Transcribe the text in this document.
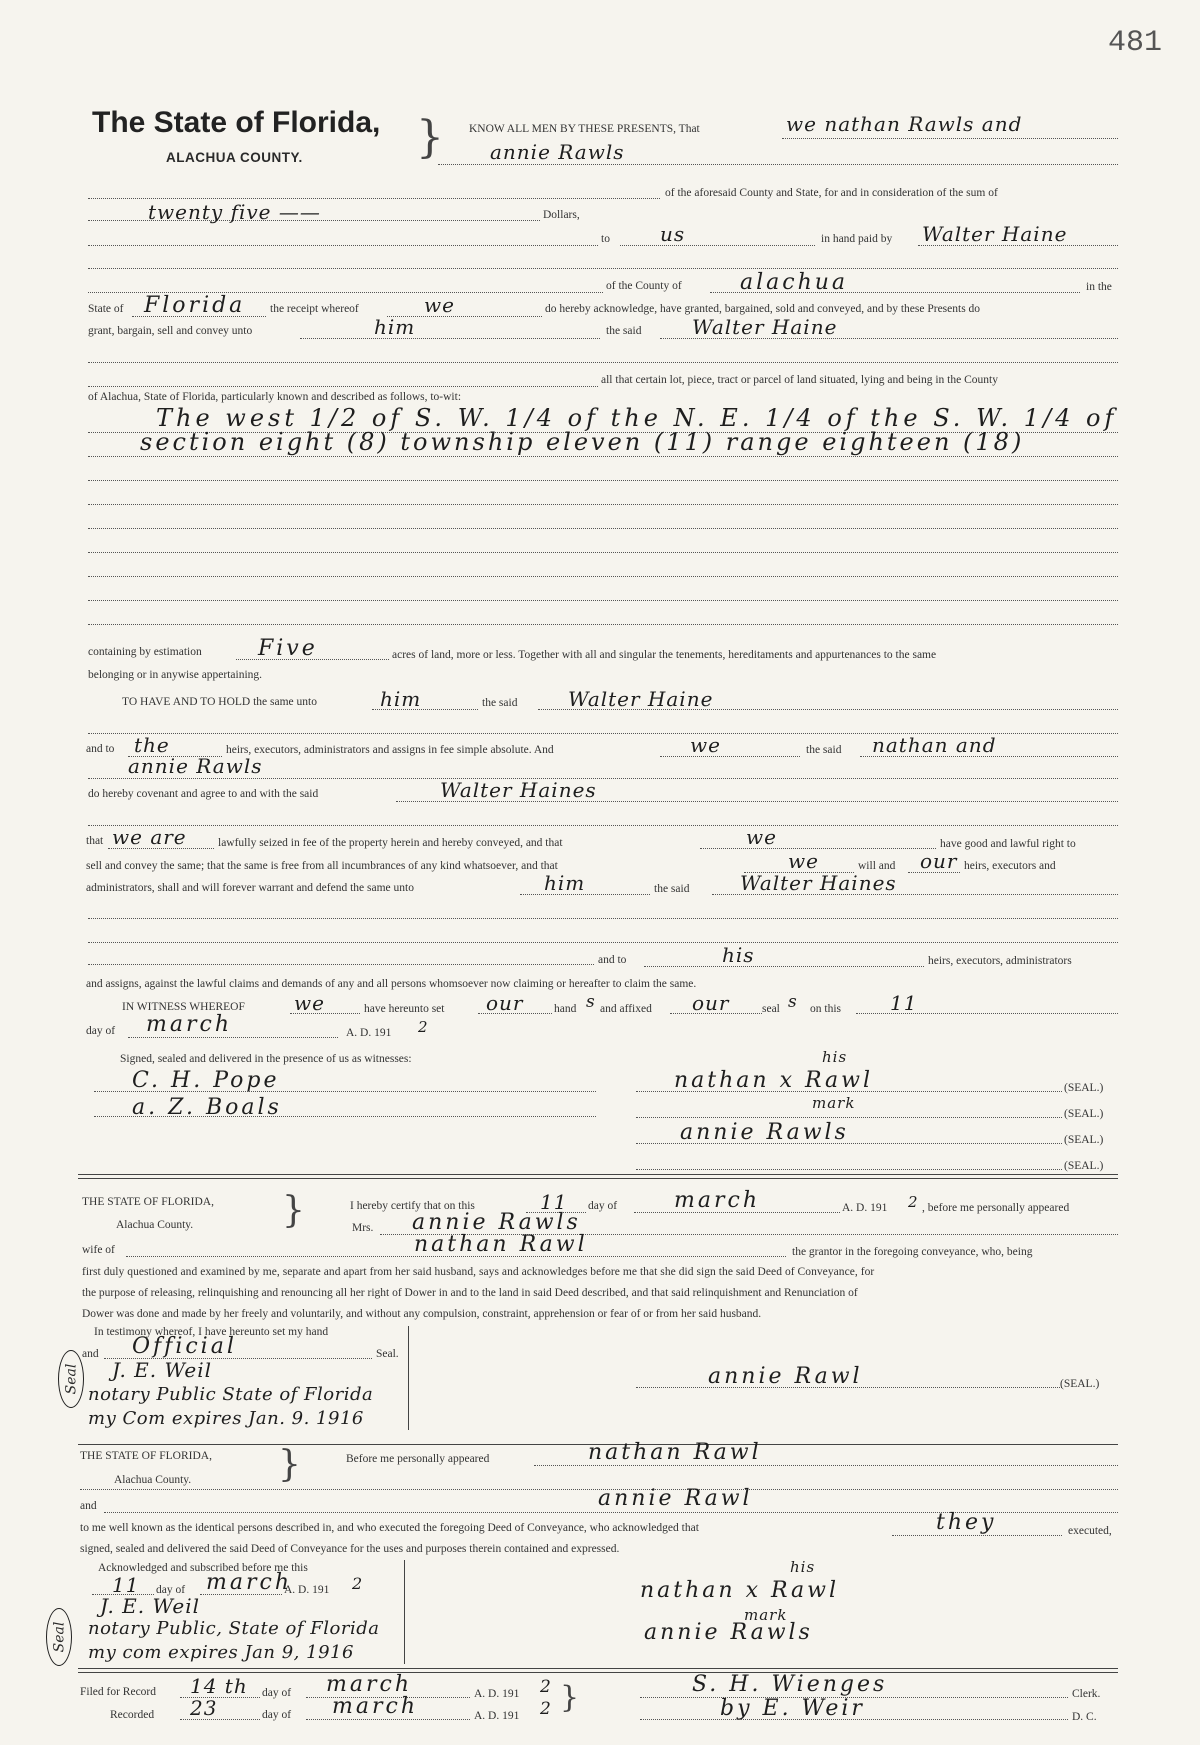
481
The State of Florida,
ALACHUA COUNTY.	} KNOW ALL MEN BY THESE PRESENTS, That	we nathan Rawls and
annie Rawls
of the aforesaid County and State, for and in consideration of the sum of
twenty five ——	Dollars,
to	us	in hand paid by Walter Haine
of the County of	alachua	in the
State of Florida the receipt whereof	we	do hereby acknowledge, have granted, bargained, sold and conveyed, and by these Presents do
grant, bargain, sell and convey unto	him	the said	Walter Haine
all that certain lot, piece, tract or parcel of land situated, lying and being in the County
of Alachua, State of Florida, particularly known and described as follows, to-wit:
The west 1/2 of S. W. 1/4 of the N. E. 1/4 of the S. W. 1/4 of
section eight (8) township eleven (11) range eighteen (18)
containing by estimation	Five	acres of land, more or less. Together with all and singular the tenements, hereditaments and appurtenances to the same
belonging or in anywise appertaining.
TO HAVE AND TO HOLD the same unto	him	the said	Walter Haine
and to the	heirs, executors, administrators and assigns in fee simple absolute. And	we	the said nathan and
annie Rawls
do hereby covenant and agree to and with the said	Walter Haines
that we are	lawfully seized in fee of the property herein and hereby conveyed, and that	we	have good and lawful right to
sell and convey the same; that the same is free from all incumbrances of any kind whatsoever, and that	we	will and our heirs, executors and
administrators, shall and will forever warrant and defend the same unto	him	the said	Walter Haines
and to	his	heirs, executors, administrators
and assigns, against the lawful claims and demands of any and all persons whomsoever now claiming or hereafter to claim the same.
IN WITNESS WHEREOF we	have hereunto set our	hand s and affixed our	seal s on this 11
day of march	A. D. 191 2
Signed, sealed and delivered in the presence of us as witnesses:
C. H. Pope
a. Z. Boals
his
nathan x Rawl	(SEAL.)
mark
(SEAL.)
annie Rawls	(SEAL.)
(SEAL.)
THE STATE OF FLORIDA,
Alachua County. }	I hereby certify that on this	11 day of	march	A. D. 191 2 , before me personally appeared
Mrs. annie Rawls
wife of	nathan Rawl	the grantor in the foregoing conveyance, who, being
first duly questioned and examined by me, separate and apart from her said husband, says and acknowledges before me that she did sign the said Deed of Conveyance, for
the purpose of releasing, relinquishing and renouncing all her right of Dower in and to the land in said Deed described, and that said relinquishment and Renunciation of
Dower was done and made by her freely and voluntarily, and without any compulsion, constraint, apprehension or fear of or from her said husband.
In testimony whereof, I have hereunto set my hand
and Official	Seal.
J. E. Weil
notary Public State of Florida
my Com expires Jan. 9. 1916
Seal	annie Rawl	(SEAL.)
THE STATE OF FLORIDA,
Alachua County. }	Before me personally appeared	nathan Rawl
and	annie Rawl
to me well known as the identical persons described in, and who executed the foregoing Deed of Conveyance, who acknowledged that	they	executed,
signed, sealed and delivered the said Deed of Conveyance for the uses and purposes therein contained and expressed.
Acknowledged and subscribed before me this
11 day of march
A. D. 191 2
J. E. Weil
notary Public, State of Florida
my com expires Jan 9, 1916
Seal
his
nathan x Rawl
mark
annie Rawls
Filed for Record 14 th day of march	A. D. 191 2
Recorded 23	day of march	A. D. 191 2 }	S. H. Wienges	Clerk.
by E. Weir	D. C.
